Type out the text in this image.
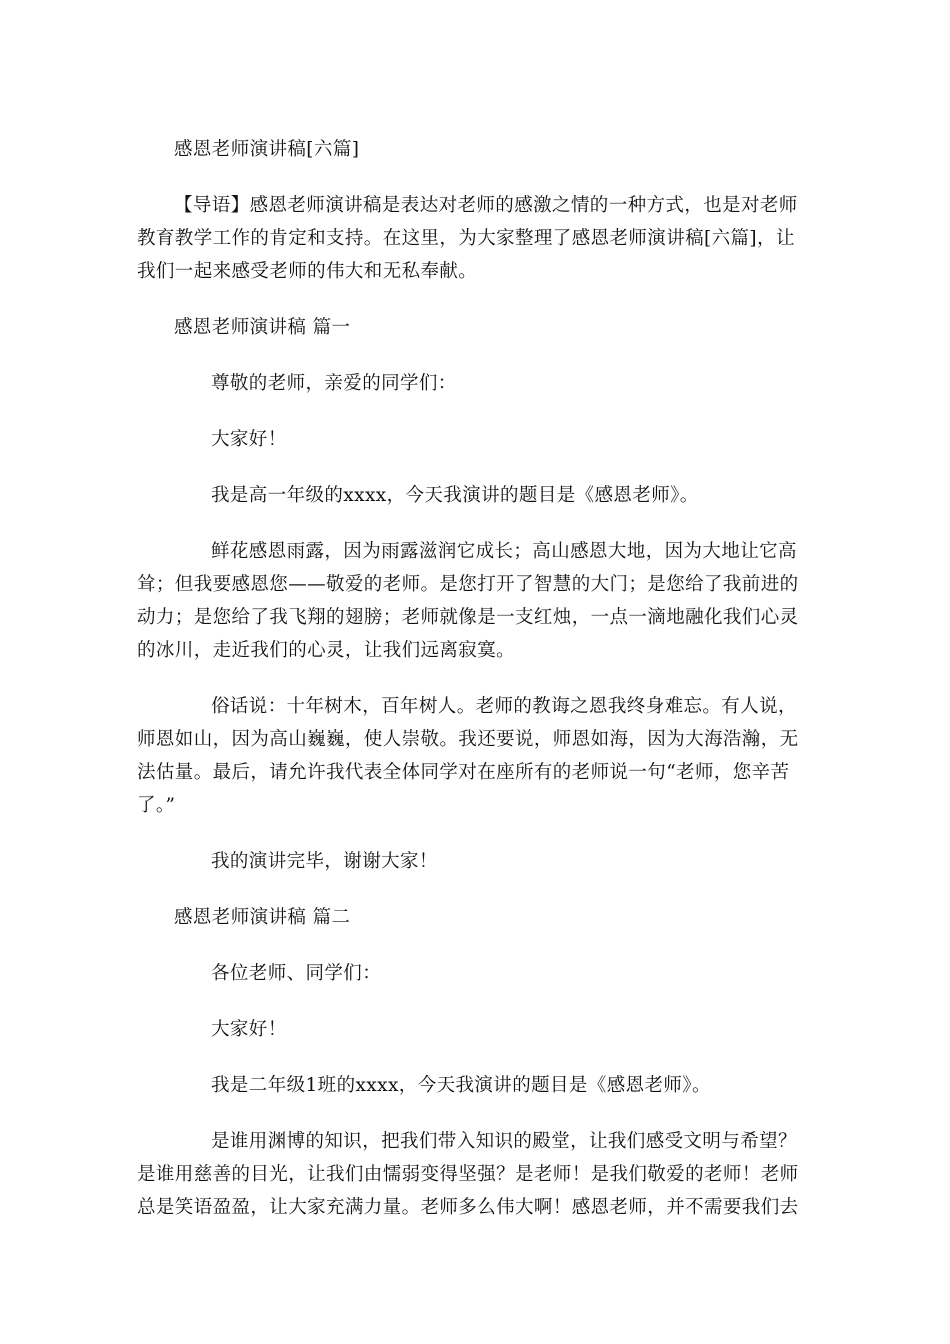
感恩老师演讲稿[六篇]

【导语】感恩老师演讲稿是表达对老师的感激之情的一种方式，也是对老师教育教学工作的肯定和支持。在这里，为大家整理了感恩老师演讲稿[六篇]，让我们一起来感受老师的伟大和无私奉献。

感恩老师演讲稿 篇一

尊敬的老师，亲爱的同学们：

大家好！

我是高一年级的xxxx，今天我演讲的题目是《感恩老师》。

鲜花感恩雨露，因为雨露滋润它成长；高山感恩大地，因为大地让它高耸；但我要感恩您——敬爱的老师。是您打开了智慧的大门；是您给了我前进的动力；是您给了我飞翔的翅膀；老师就像是一支红烛，一点一滴地融化我们心灵的冰川，走近我们的心灵，让我们远离寂寞。

俗话说：十年树木，百年树人。老师的教诲之恩我终身难忘。有人说，师恩如山，因为高山巍巍，使人崇敬。我还要说，师恩如海，因为大海浩瀚，无法估量。最后，请允许我代表全体同学对在座所有的老师说一句“老师，您辛苦了。”

我的演讲完毕，谢谢大家！

感恩老师演讲稿 篇二

各位老师、同学们：

大家好！

我是二年级1班的xxxx，今天我演讲的题目是《感恩老师》。

是谁用渊博的知识，把我们带入知识的殿堂，让我们感受文明与希望？是谁用慈善的目光，让我们由懦弱变得坚强？是老师！是我们敬爱的老师！老师总是笑语盈盈，让大家充满力量。老师多么伟大啊！感恩老师，并不需要我们去
